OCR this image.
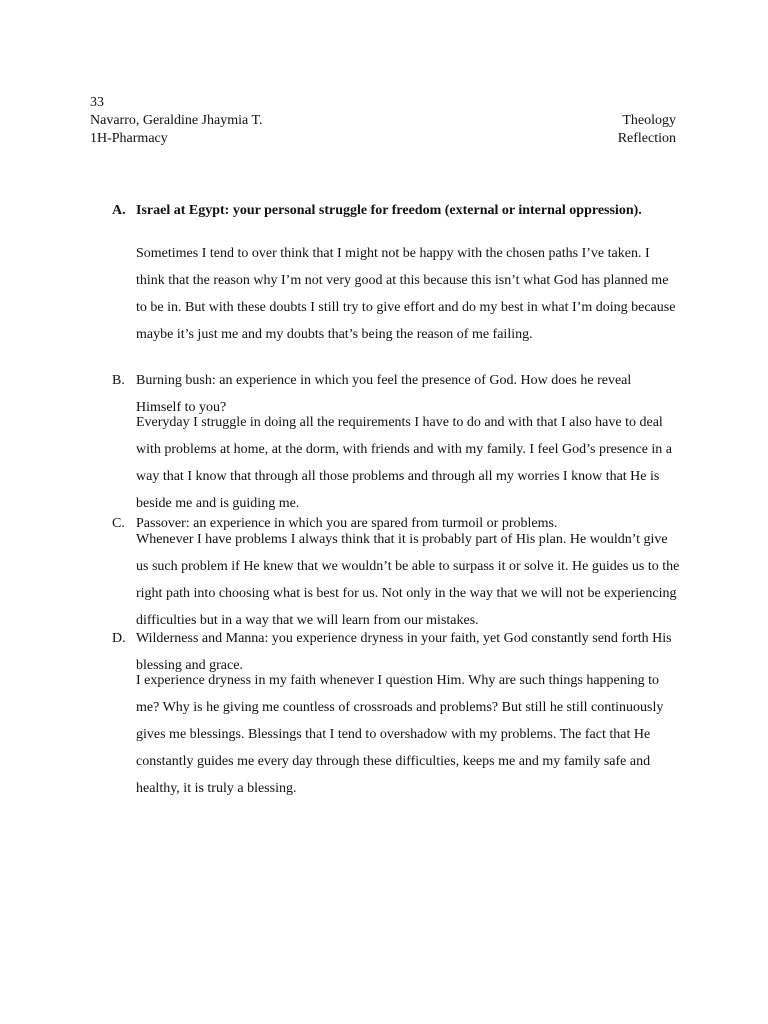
33
Navarro, Geraldine Jhaymia T.
1H-Pharmacy
Theology
Reflection
A. Israel at Egypt: your personal struggle for freedom (external or internal oppression).
Sometimes I tend to over think that I might not be happy with the chosen paths I’ve taken. I think that the reason why I’m not very good at this because this isn’t what God has planned me to be in. But with these doubts I still try to give effort and do my best in what I’m doing because maybe it’s just me and my doubts that’s being the reason of me failing.
B. Burning bush: an experience in which you feel the presence of God. How does he reveal Himself to you?
Everyday I struggle in doing all the requirements I have to do and with that I also have to deal with problems at home, at the dorm, with friends and with my family. I feel God’s presence in a way that I know that through all those problems and through all my worries I know that He is beside me and is guiding me.
C. Passover: an experience in which you are spared from turmoil or problems.
Whenever I have problems I always think that it is probably part of His plan. He wouldn’t give us such problem if He knew that we wouldn’t be able to surpass it or solve it. He guides us to the right path into choosing what is best for us. Not only in the way that we will not be experiencing difficulties but in a way that we will learn from our mistakes.
D. Wilderness and Manna: you experience dryness in your faith, yet God constantly send forth His blessing and grace.
I experience dryness in my faith whenever I question Him. Why are such things happening to me? Why is he giving me countless of crossroads and problems? But still he still continuously gives me blessings. Blessings that I tend to overshadow with my problems. The fact that He constantly guides me every day through these difficulties, keeps me and my family safe and healthy, it is truly a blessing.
